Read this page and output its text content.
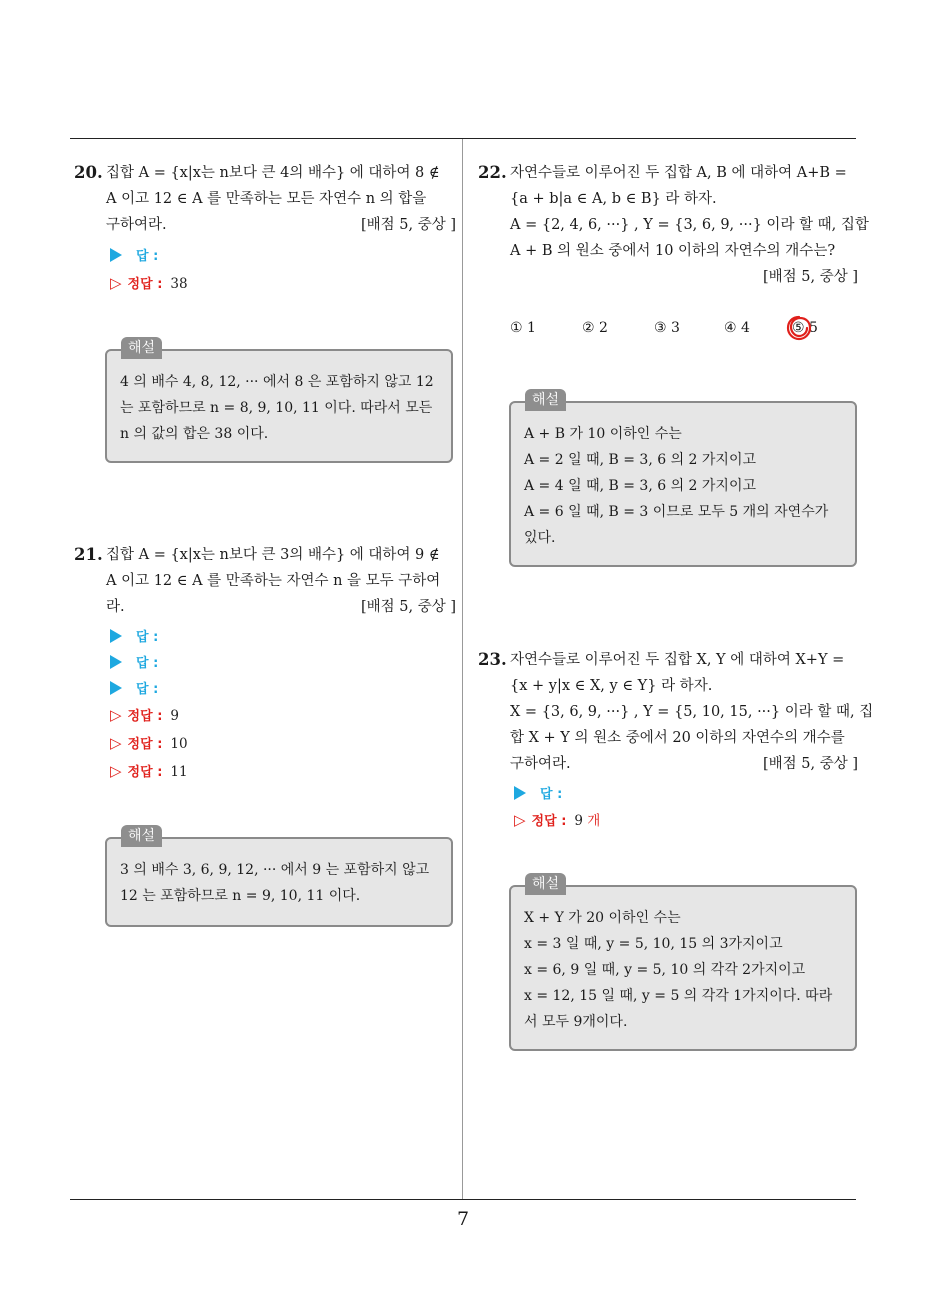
20. 집합 A = {x|x는 n보다 큰 4의 배수} 에 대하여 8 ∉
A 이고 12 ∈ A 를 만족하는 모든 자연수 n 의 합을
구하여라.	[배점 5, 중상 ]
답 :
▷ 정답 : 38
해설
4 의 배수 4, 8, 12, ··· 에서 8 은 포함하지 않고 12
는 포함하므로 n = 8, 9, 10, 11 이다. 따라서 모든
n 의 값의 합은 38 이다.
21. 집합 A = {x|x는 n보다 큰 3의 배수} 에 대하여 9 ∉
A 이고 12 ∈ A 를 만족하는 자연수 n 을 모두 구하여
라.	[배점 5, 중상 ]
답 :
답 :
답 :
▷ 정답 : 9
▷ 정답 : 10
▷ 정답 : 11
해설
3 의 배수 3, 6, 9, 12, ··· 에서 9 는 포함하지 않고
12 는 포함하므로 n = 9, 10, 11 이다.
22. 자연수들로 이루어진 두 집합 A, B 에 대하여 A+B =
{a + b|a ∈ A, b ∈ B} 라 하자.
A = {2, 4, 6, ···} , Y = {3, 6, 9, ···} 이라 할 때, 집합
A + B 의 원소 중에서 10 이하의 자연수의 개수는?
[배점 5, 중상 ]
① 1	② 2	③ 3	④ 4	⑤ 5
해설
A + B 가 10 이하인 수는
A = 2 일 때, B = 3, 6 의 2 가지이고
A = 4 일 때, B = 3, 6 의 2 가지이고
A = 6 일 때, B = 3 이므로 모두 5 개의 자연수가
있다.
23. 자연수들로 이루어진 두 집합 X, Y 에 대하여 X+Y =
{x + y|x ∈ X, y ∈ Y} 라 하자.
X = {3, 6, 9, ···} , Y = {5, 10, 15, ···} 이라 할 때, 집
합 X + Y 의 원소 중에서 20 이하의 자연수의 개수를
구하여라.	[배점 5, 중상 ]
답 :
▷ 정답 : 9 개
해설
X + Y 가 20 이하인 수는
x = 3 일 때, y = 5, 10, 15 의 3가지이고
x = 6, 9 일 때, y = 5, 10 의 각각 2가지이고
x = 12, 15 일 때, y = 5 의 각각 1가지이다. 따라
서 모두 9개이다.
7
